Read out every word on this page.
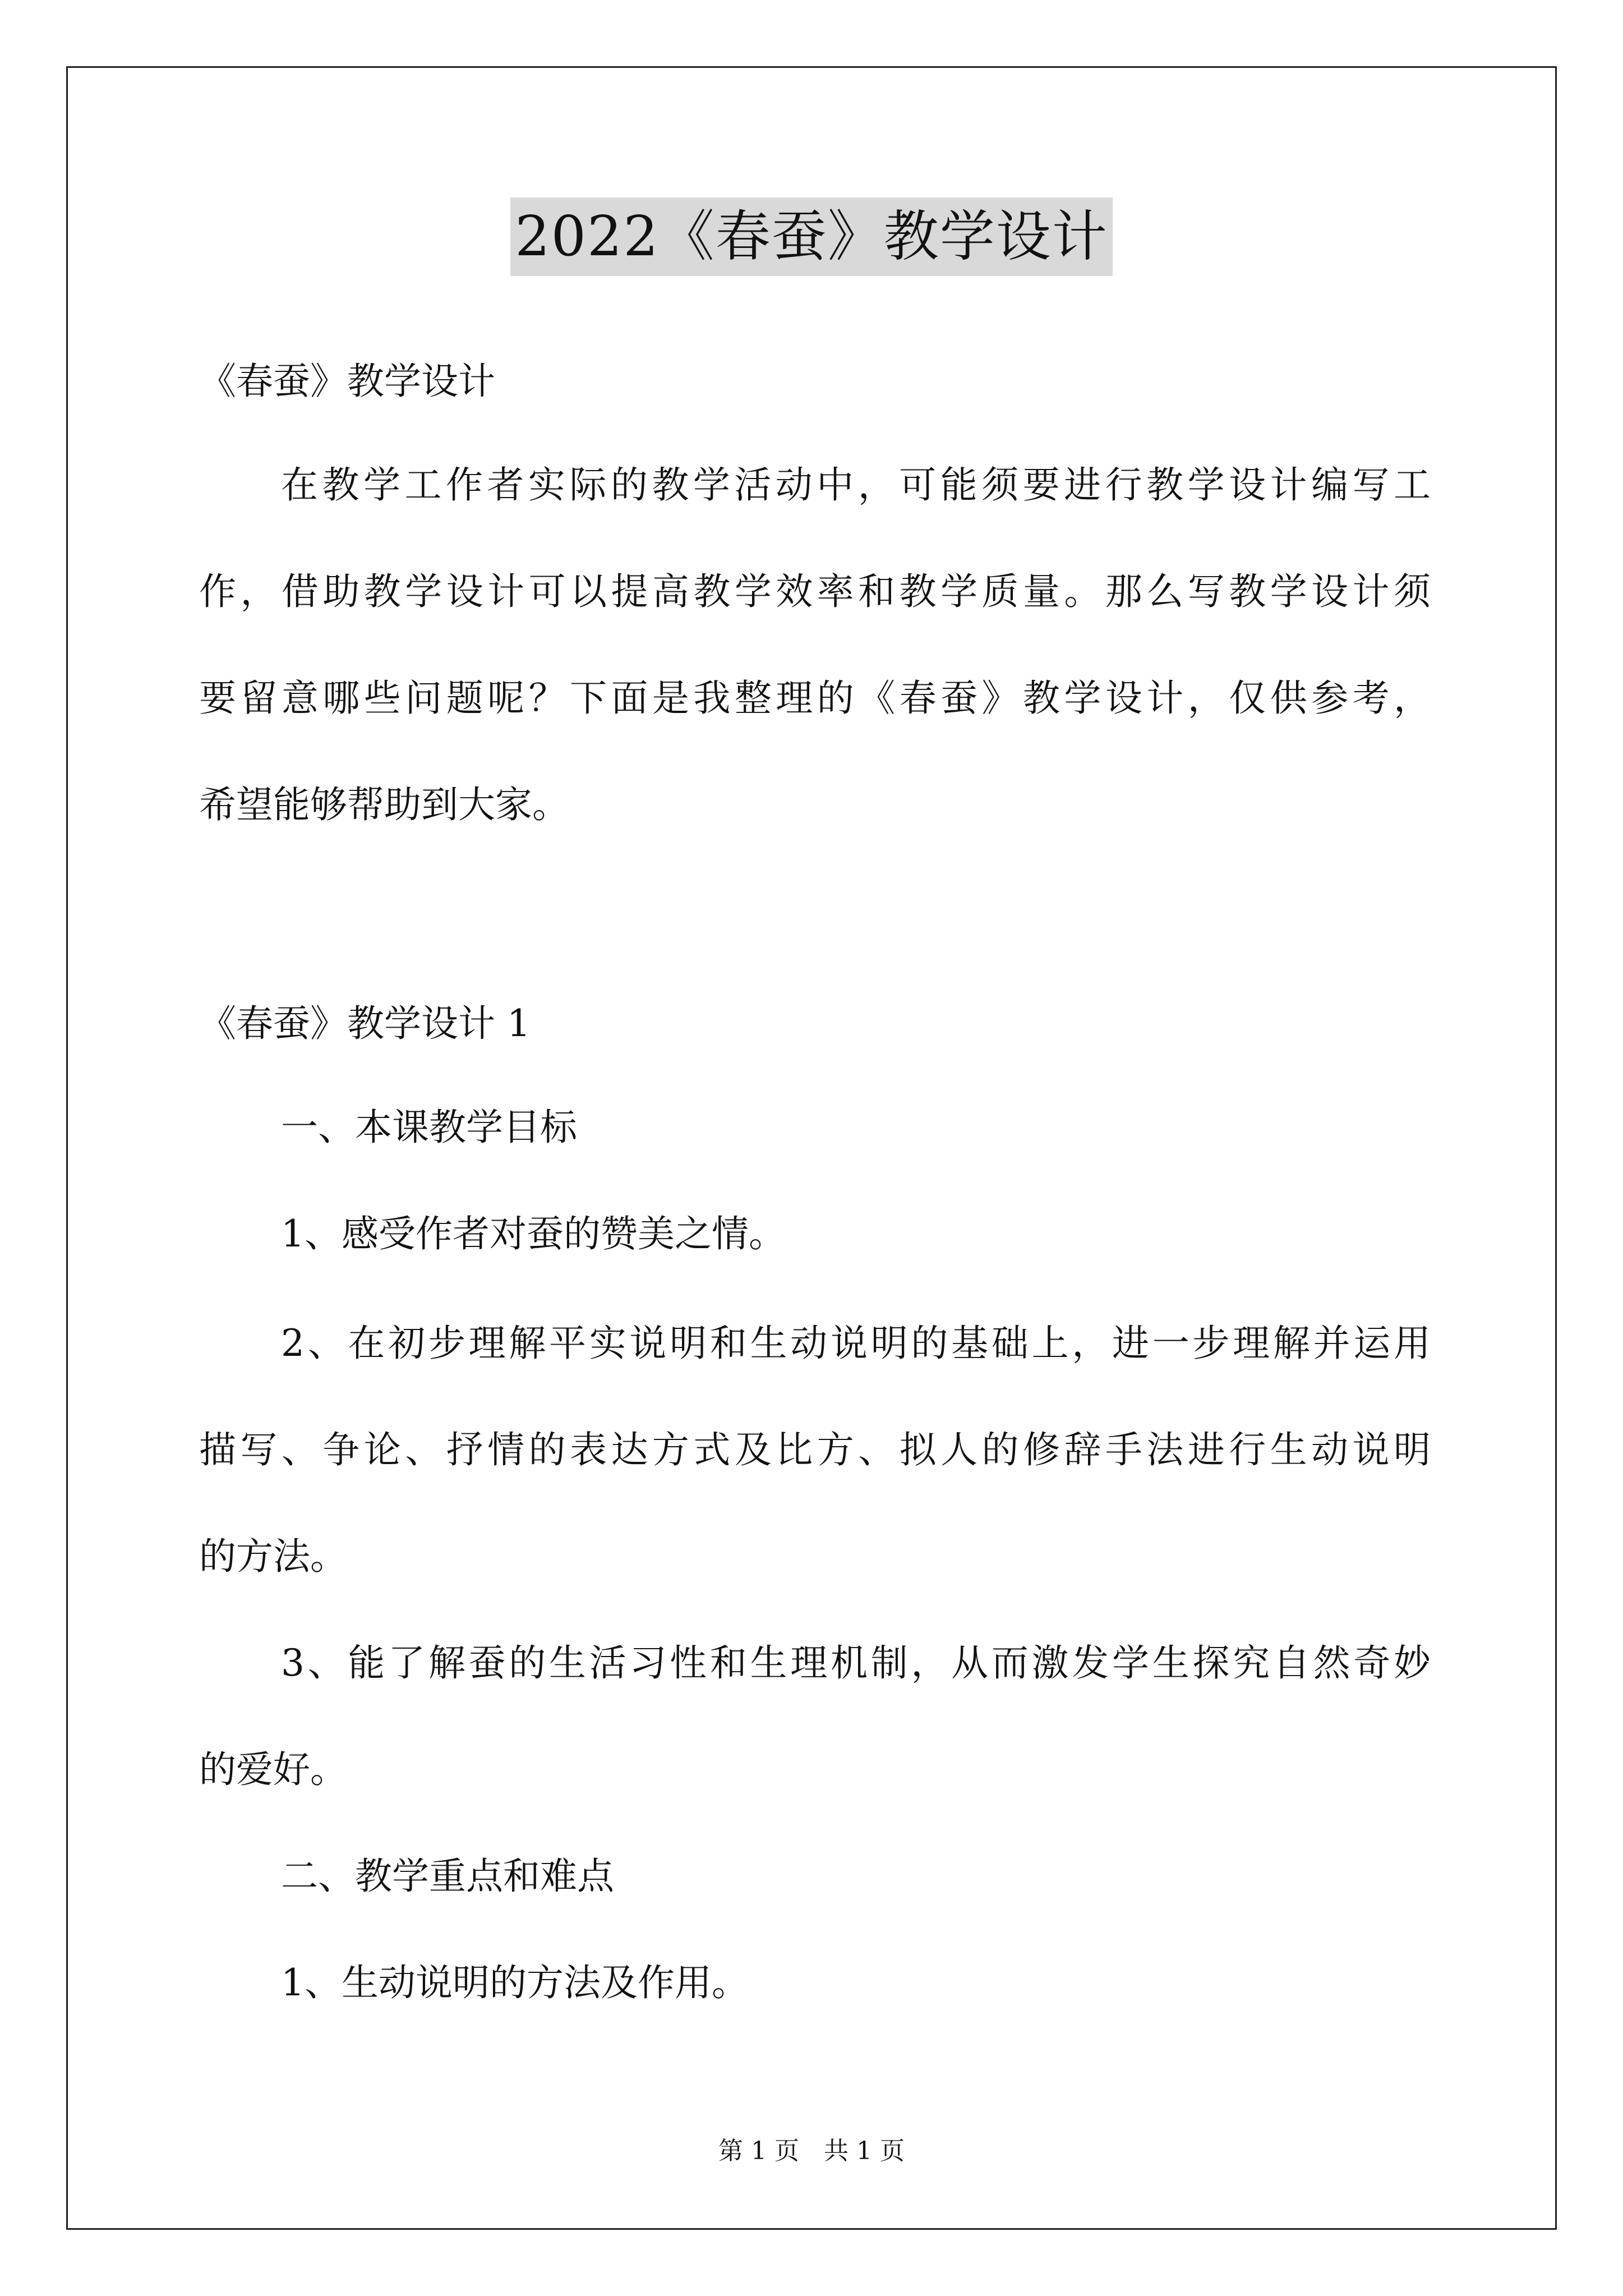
2022《春蚕》教学设计
《春蚕》教学设计
在教学工作者实际的教学活动中，可能须要进行教学设计编写工
作，借助教学设计可以提高教学效率和教学质量。那么写教学设计须
要留意哪些问题呢？下面是我整理的《春蚕》教学设计，仅供参考，
希望能够帮助到大家。
《春蚕》教学设计 1
一、本课教学目标
1、感受作者对蚕的赞美之情。
2、在初步理解平实说明和生动说明的基础上，进一步理解并运用
描写、争论、抒情的表达方式及比方、拟人的修辞手法进行生动说明
的方法。
3、能了解蚕的生活习性和生理机制，从而激发学生探究自然奇妙
的爱好。
二、教学重点和难点
1、生动说明的方法及作用。
第 1 页　共 1 页
